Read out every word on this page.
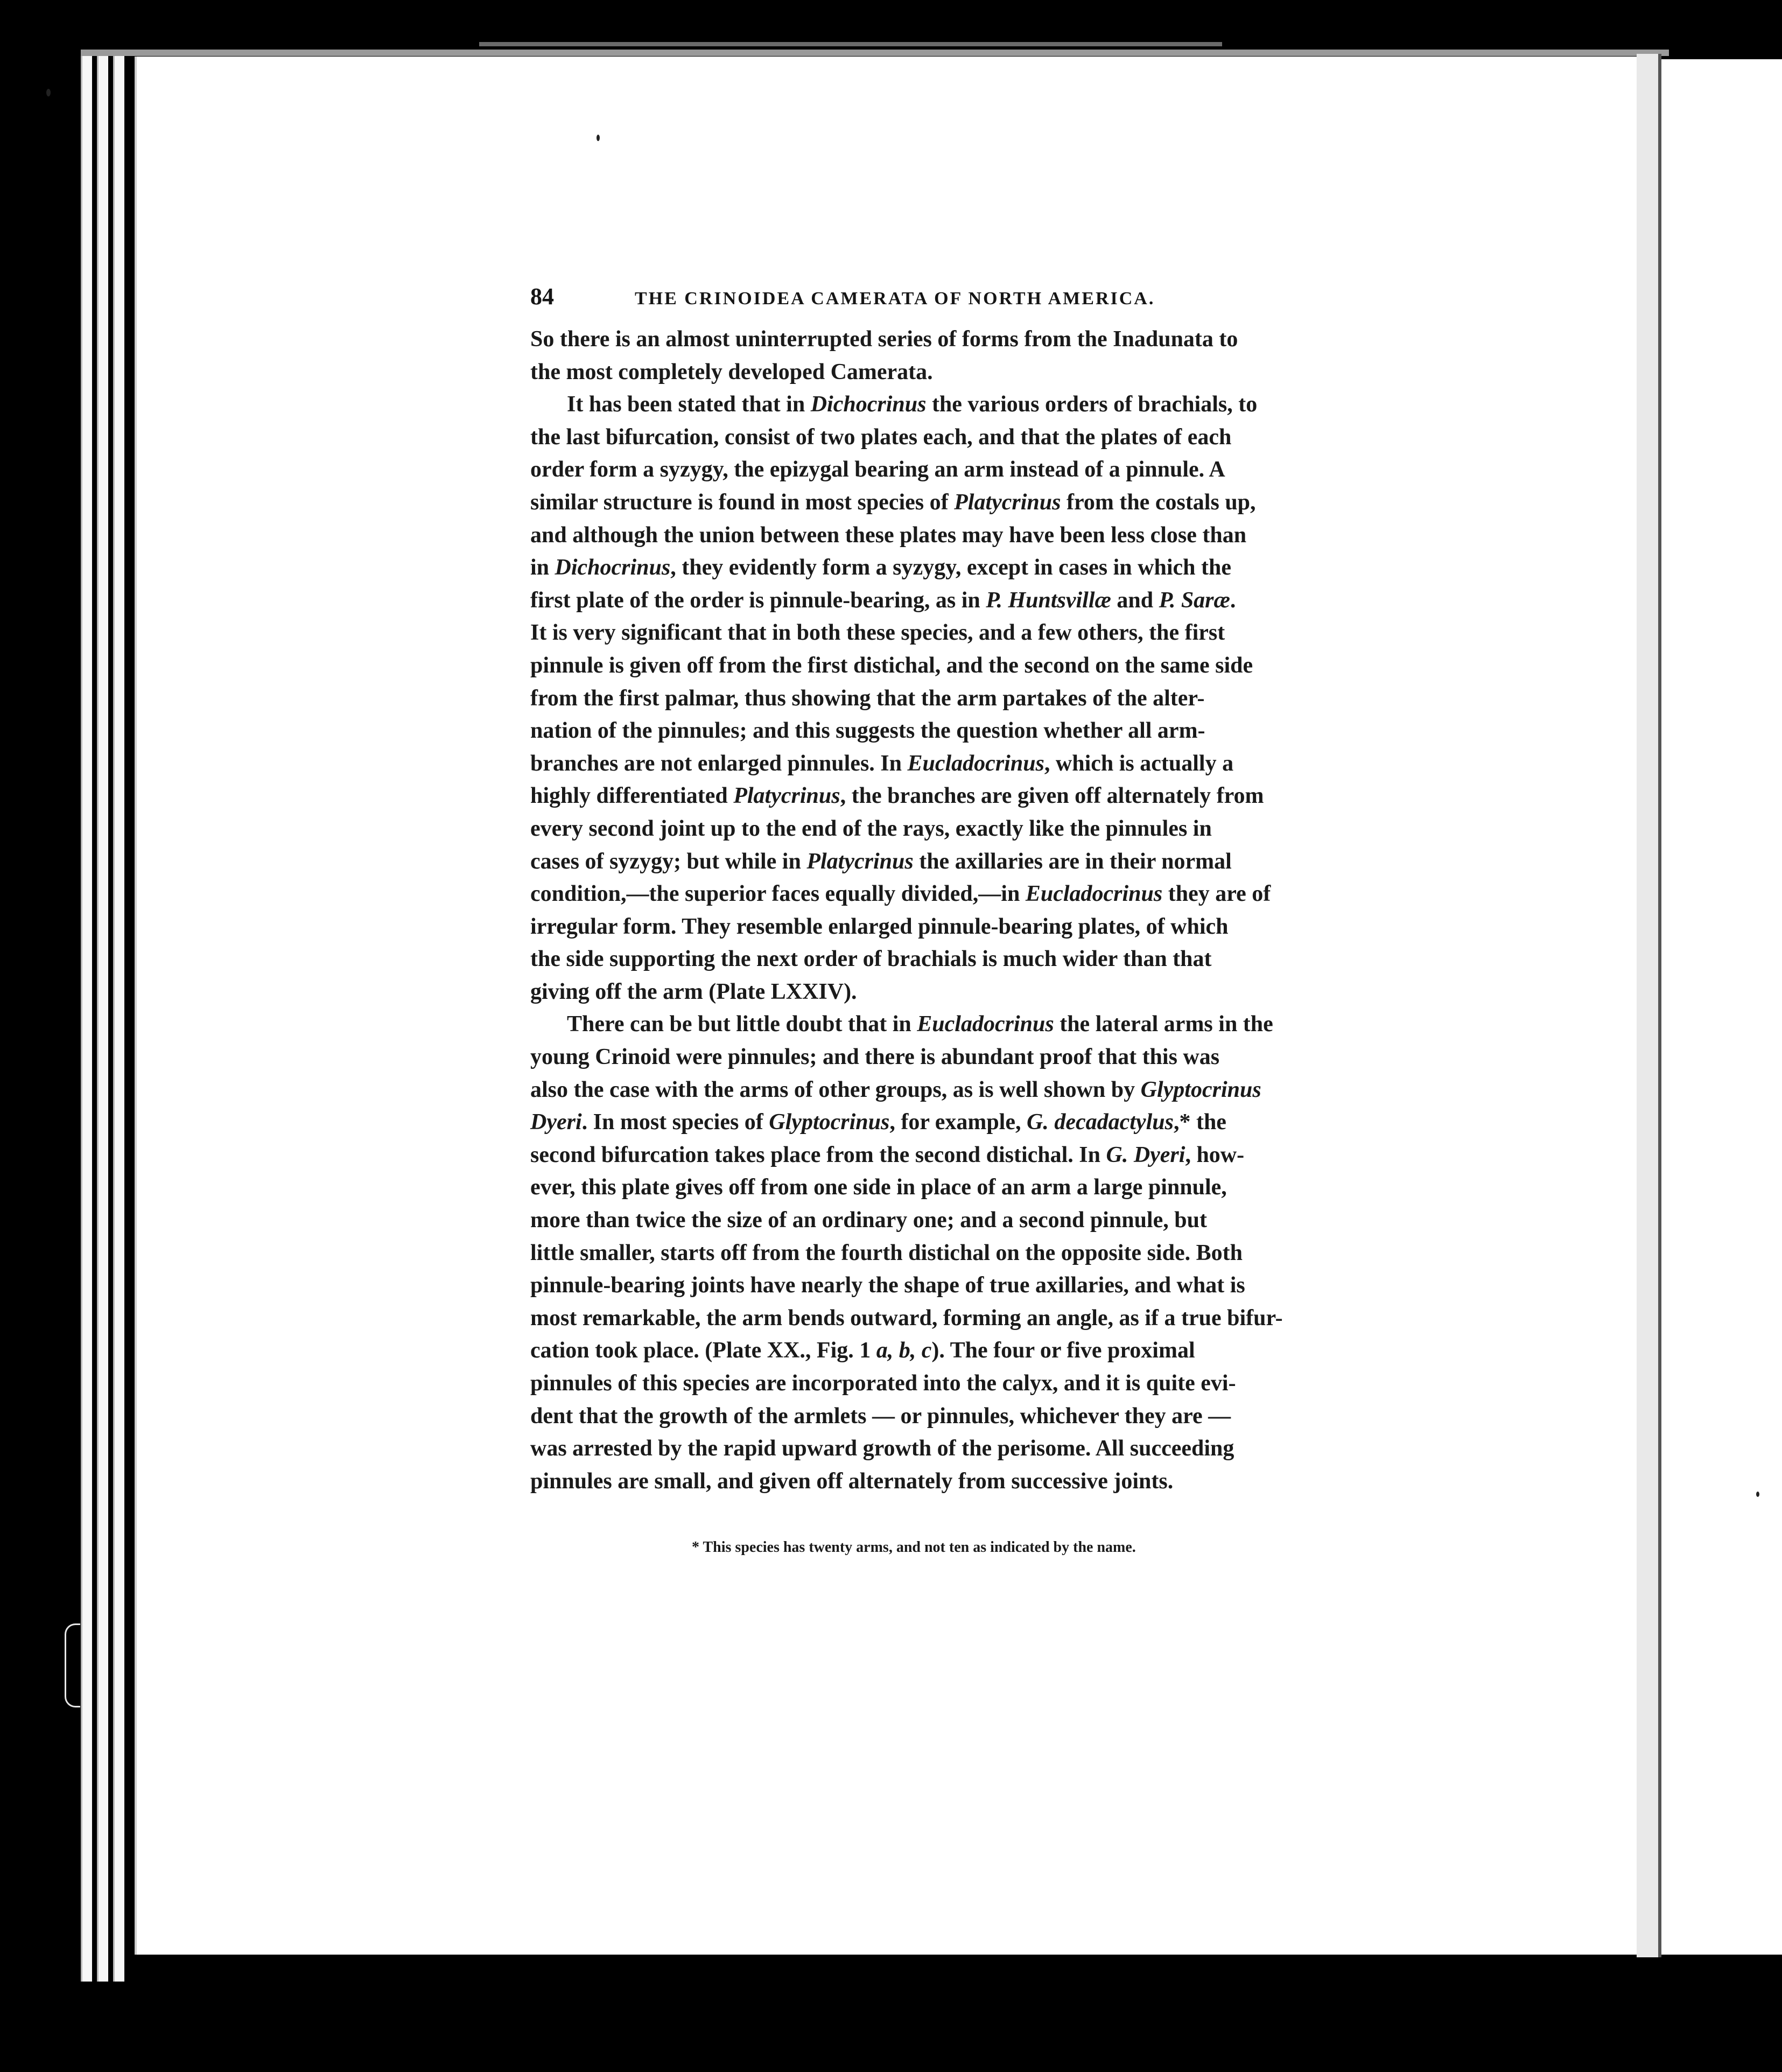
84	THE CRINOIDEA CAMERATA OF NORTH AMERICA.

So there is an almost uninterrupted series of forms from the Inadunata to
the most completely developed Camerata.

It has been stated that in Dichocrinus the various orders of brachials, to
the last bifurcation, consist of two plates each, and that the plates of each
order form a syzygy, the epizygal bearing an arm instead of a pinnule. A
similar structure is found in most species of Platycrinus from the costals up,
and although the union between these plates may have been less close than
in Dichocrinus, they evidently form a syzygy, except in cases in which the
first plate of the order is pinnule-bearing, as in P. Huntsvillæ and P. Saræ.
It is very significant that in both these species, and a few others, the first
pinnule is given off from the first distichal, and the second on the same side
from the first palmar, thus showing that the arm partakes of the alter-
nation of the pinnules; and this suggests the question whether all arm-
branches are not enlarged pinnules. In Eucladocrinus, which is actually a
highly differentiated Platycrinus, the branches are given off alternately from
every second joint up to the end of the rays, exactly like the pinnules in
cases of syzygy; but while in Platycrinus the axillaries are in their normal
condition,—the superior faces equally divided,—in Eucladocrinus they are of
irregular form. They resemble enlarged pinnule-bearing plates, of which
the side supporting the next order of brachials is much wider than that
giving off the arm (Plate LXXIV).

There can be but little doubt that in Eucladocrinus the lateral arms in the
young Crinoid were pinnules; and there is abundant proof that this was
also the case with the arms of other groups, as is well shown by Glyptocrinus
Dyeri. In most species of Glyptocrinus, for example, G. decadactylus,* the
second bifurcation takes place from the second distichal. In G. Dyeri, how-
ever, this plate gives off from one side in place of an arm a large pinnule,
more than twice the size of an ordinary one; and a second pinnule, but
little smaller, starts off from the fourth distichal on the opposite side. Both
pinnule-bearing joints have nearly the shape of true axillaries, and what is
most remarkable, the arm bends outward, forming an angle, as if a true bifur-
cation took place. (Plate XX., Fig. 1 a, b, c). The four or five proximal
pinnules of this species are incorporated into the calyx, and it is quite evi-
dent that the growth of the armlets — or pinnules, whichever they are —
was arrested by the rapid upward growth of the perisome. All succeeding
pinnules are small, and given off alternately from successive joints.

* This species has twenty arms, and not ten as indicated by the name.
